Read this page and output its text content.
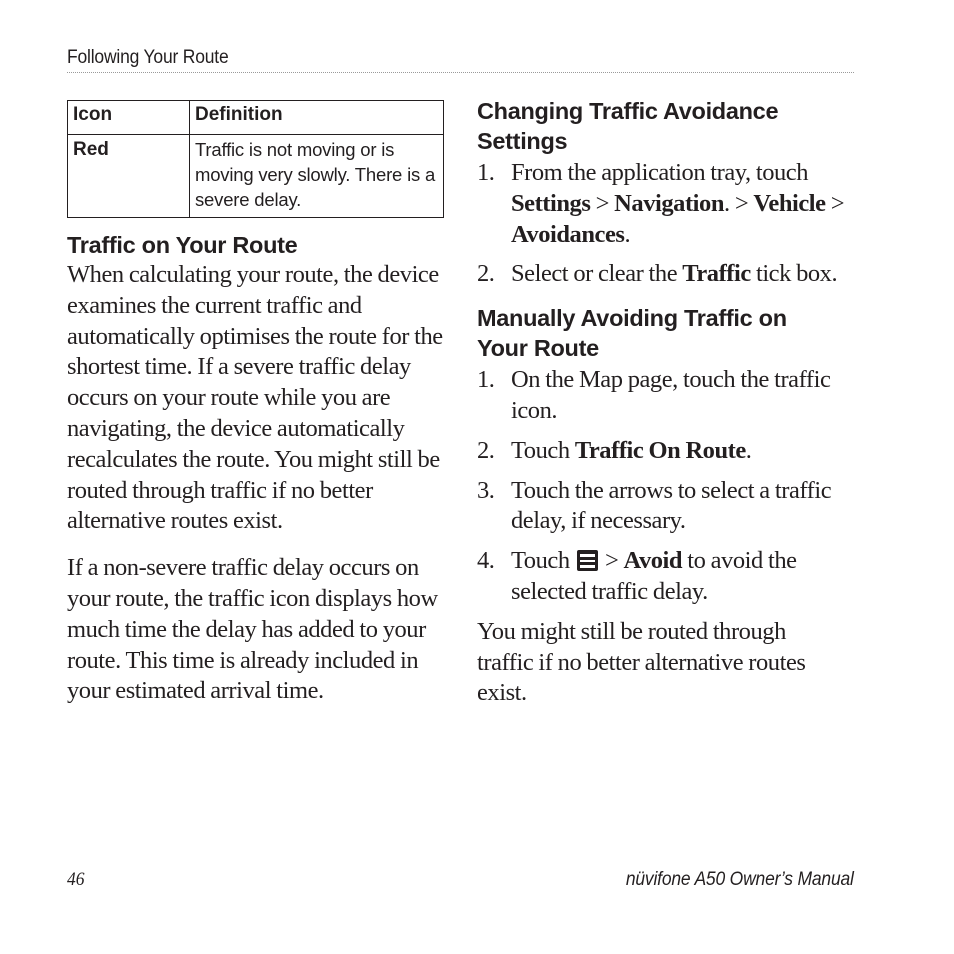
Following Your Route
Icon	Definition
Red	Traffic is not moving or is moving very slowly. There is a severe delay.
Traffic on Your Route

When calculating your route, the device examines the current traffic and automatically optimises the route for the shortest time. If a severe traffic delay occurs on your route while you are navigating, the device automatically recalculates the route. You might still be routed through traffic if no better alternative routes exist.

If a non-severe traffic delay occurs on your route, the traffic icon displays how much time the delay has added to your route. This time is already included in your estimated arrival time.

Changing Traffic Avoidance Settings
1. From the application tray, touch Settings > Navigation. > Vehicle > Avoidances.
2. Select or clear the Traffic tick box.
Manually Avoiding Traffic on Your Route
1. On the Map page, touch the traffic icon.
2. Touch Traffic On Route.
3. Touch the arrows to select a traffic delay, if necessary.
4. Touch
> Avoid to avoid the selected traffic delay.

You might still be routed through traffic if no better alternative routes exist.

46	nüvifone A50 Owner’s Manual
